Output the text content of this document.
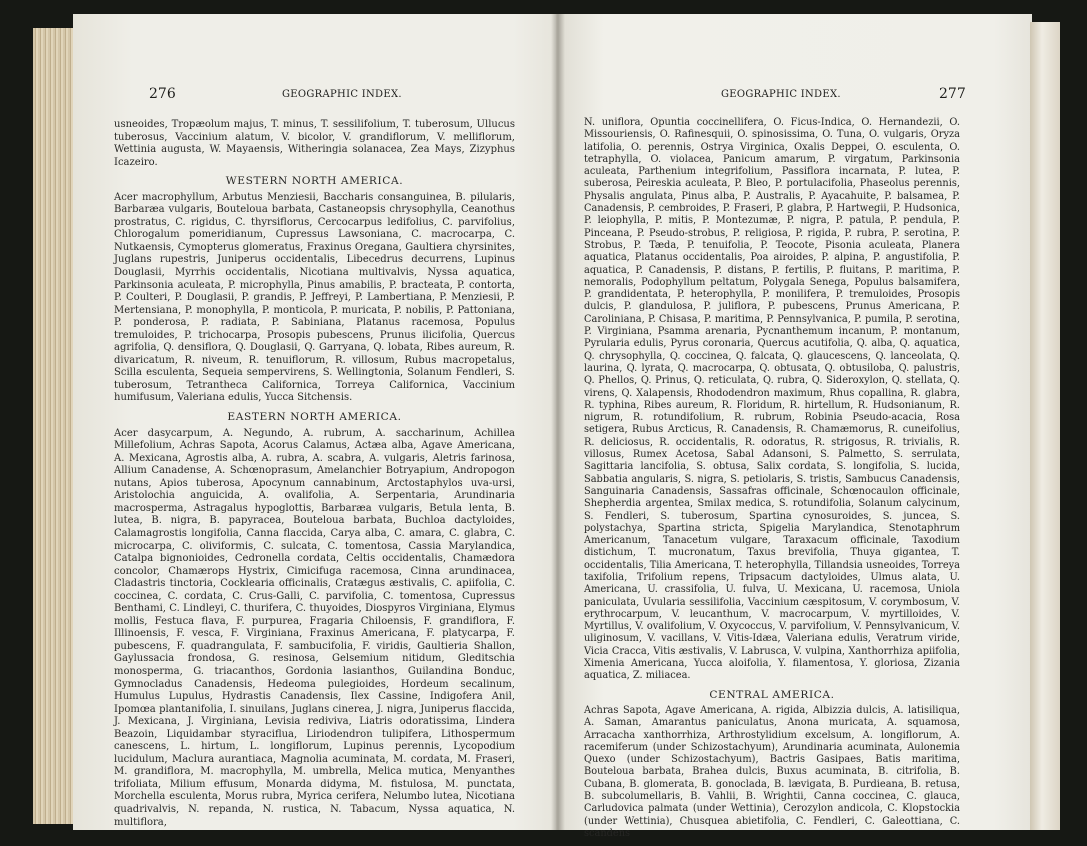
276	GEOGRAPHIC INDEX.	GEOGRAPHIC INDEX.	277

usneoides, Tropæolum majus, T. minus, T. sessilifolium, T. tuberosum, Ullucus tuberosus, Vaccinium alatum, V. bicolor, V. grandiflorum, V. melliflorum, Wettinia augusta, W. Mayaensis, Witheringia solanacea, Zea Mays, Zizyphus Icazeiro.

WESTERN NORTH AMERICA.

Acer macrophyllum, Arbutus Menziesii, Baccharis consanguinea, B. pilularis, Barbaræa vulgaris, Bouteloua barbata, Castaneopsis chrysophylla, Ceanothus prostratus, C. rigidus, C. thyrsiflorus, Cercocarpus ledifolius, C. parvifolius, Chlorogalum pomeridianum, Cupressus Lawsoniana, C. macrocarpa, C. Nutkaensis, Cymopterus glomeratus, Fraxinus Oregana, Gaultiera chyrsinites, Juglans rupestris, Juniperus occidentalis, Libecedrus decurrens, Lupinus Douglasii, Myrrhis occidentalis, Nicotiana multivalvis, Nyssa aquatica, Parkinsonia aculeata, P. microphylla, Pinus amabilis, P. bracteata, P. contorta, P. Coulteri, P. Douglasii, P. grandis, P. Jeffreyi, P. Lambertiana, P. Menziesii, P. Mertensiana, P. monophylla, P. monticola, P. muricata, P. nobilis, P. Pattoniana, P. ponderosa, P. radiata, P. Sabiniana, Platanus racemosa, Populus tremuloides, P. trichocarpa, Prosopis pubescens, Prunus ilicifolia, Quercus agrifolia, Q. densiflora, Q. Douglasii, Q. Garryana, Q. lobata, Ribes aureum, R. divaricatum, R. niveum, R. tenuiflorum, R. villosum, Rubus macropetalus, Scilla esculenta, Sequeia sempervirens, S. Wellingtonia, Solanum Fendleri, S. tuberosum, Tetrantheca Californica, Torreya Californica, Vaccinium humifusum, Valeriana edulis, Yucca Sitchensis.

EASTERN NORTH AMERICA.

Acer dasycarpum, A. Negundo, A. rubrum, A. saccharinum, Achillea Millefolium, Achras Sapota, Acorus Calamus, Actæa alba, Agave Americana, A. Mexicana, Agrostis alba, A. rubra, A. scabra, A. vulgaris, Aletris farinosa, Allium Canadense, A. Schœnoprasum, Amelanchier Botryapium, Andropogon nutans, Apios tuberosa, Apocynum cannabinum, Arctostaphylos uva-ursi, Aristolochia anguicida, A. ovalifolia, A. Serpentaria, Arundinaria macrosperma, Astragalus hypoglottis, Barbaræa vulgaris, Betula lenta, B. lutea, B. nigra, B. papyracea, Bouteloua barbata, Buchloa dactyloides, Calamagrostis longifolia, Canna flaccida, Carya alba, C. amara, C. glabra, C. microcarpa, C. oliviformis, C. sulcata, C. tomentosa, Cassia Marylandica, Catalpa bignonioides, Cedronella cordata, Celtis occidentalis, Chamædora concolor, Chamærops Hystrix, Cimicifuga racemosa, Cinna arundinacea, Cladastris tinctoria, Cocklearia officinalis, Cratægus æstivalis, C. apiifolia, C. coccinea, C. cordata, C. Crus-Galli, C. parvifolia, C. tomentosa, Cupressus Benthami, C. Lindleyi, C. thurifera, C. thuyoides, Diospyros Virginiana, Elymus mollis, Festuca flava, F. purpurea, Fragaria Chiloensis, F. grandiflora, F. Illinoensis, F. vesca, F. Virginiana, Fraxinus Americana, F. platycarpa, F. pubescens, F. quadrangulata, F. sambucifolia, F. viridis, Gaultieria Shallon, Gaylussacia frondosa, G. resinosa, Gelsemium nitidum, Gleditschia monosperma, G. triacanthos, Gordonia lasianthos, Guilandina Bonduc, Gymnocladus Canadensis, Hedeoma pulegioides, Hordeum secalinum, Humulus Lupulus, Hydrastis Canadensis, Ilex Cassine, Indigofera Anil, Ipomœa plantanifolia, I. sinuilans, Juglans cinerea, J. nigra, Juniperus flaccida, J. Mexicana, J. Virginiana, Levisia rediviva, Liatris odoratissima, Lindera Beazoin, Liquidambar styraciflua, Liriodendron tulipifera, Lithospermum canescens, L. hirtum, L. longiflorum, Lupinus perennis, Lycopodium lucidulum, Maclura aurantiaca, Magnolia acuminata, M. cordata, M. Fraseri, M. grandiflora, M. macrophylla, M. umbrella, Melica mutica, Menyanthes trifoliata, Milium effusum, Monarda didyma, M. fistulosa, M. punctata, Morchella esculenta, Morus rubra, Myrica cerifera, Nelumbo lutea, Nicotiana quadrivalvis, N. repanda, N. rustica, N. Tabacum, Nyssa aquatica, N. multiflora,

N. uniflora, Opuntia coccinellifera, O. Ficus-Indica, O. Hernandezii, O. Missouriensis, O. Rafinesquii, O. spinosissima, O. Tuna, O. vulgaris, Oryza latifolia, O. perennis, Ostrya Virginica, Oxalis Deppei, O. esculenta, O. tetraphylla, O. violacea, Panicum amarum, P. virgatum, Parkinsonia aculeata, Parthenium integrifolium, Passiflora incarnata, P. lutea, P. suberosa, Peireskia aculeata, P. Bleo, P. portulacifolia, Phaseolus perennis, Physalis angulata, Pinus alba, P. Australis, P. Ayacahuite, P. balsamea, P. Canadensis, P. cembroides, P. Fraseri, P. glabra, P. Hartwegii, P. Hudsonica, P. leiophylla, P. mitis, P. Montezumæ, P. nigra, P. patula, P. pendula, P. Pinceana, P. Pseudo-strobus, P. religiosa, P. rigida, P. rubra, P. serotina, P. Strobus, P. Tæda, P. tenuifolia, P. Teocote, Pisonia aculeata, Planera aquatica, Platanus occidentalis, Poa airoides, P. alpina, P. angustifolia, P. aquatica, P. Canadensis, P. distans, P. fertilis, P. fluitans, P. maritima, P. nemoralis, Podophyllum peltatum, Polygala Senega, Populus balsamifera, P. grandidentata, P. heterophylla, P. monilifera, P. tremuloides, Prosopis dulcis, P. glandulosa, P. juliflora, P. pubescens, Prunus Americana, P. Caroliniana, P. Chisasa, P. maritima, P. Pennsylvanica, P. pumila, P. serotina, P. Virginiana, Psamma arenaria, Pycnanthemum incanum, P. montanum, Pyrularia edulis, Pyrus coronaria, Quercus acutifolia, Q. alba, Q. aquatica, Q. chrysophylla, Q. coccinea, Q. falcata, Q. glaucescens, Q. lanceolata, Q. laurina, Q. lyrata, Q. macrocarpa, Q. obtusata, Q. obtusiloba, Q. palustris, Q. Phellos, Q. Prinus, Q. reticulata, Q. rubra, Q. Sideroxylon, Q. stellata, Q. virens, Q. Xalapensis, Rhododendron maximum, Rhus copallina, R. glabra, R. typhina, Ribes aureum, R. Floridum, R. hirtellum, R. Hudsonianum, R. nigrum, R. rotundifolium, R. rubrum, Robinia Pseudo-acacia, Rosa setigera, Rubus Arcticus, R. Canadensis, R. Chamæmorus, R. cuneifolius, R. deliciosus, R. occidentalis, R. odoratus, R. strigosus, R. trivialis, R. villosus, Rumex Acetosa, Sabal Adansoni, S. Palmetto, S. serrulata, Sagittaria lancifolia, S. obtusa, Salix cordata, S. longifolia, S. lucida, Sabbatia angularis, S. nigra, S. petiolaris, S. tristis, Sambucus Canadensis, Sanguinaria Canadensis, Sassafras officinale, Schœnocaulon officinale, Shepherdia argentea, Smilax medica, S. rotundifolia, Solanum calycinum, S. Fendleri, S. tuberosum, Spartina cynosuroides, S. juncea, S. polystachya, Spartina stricta, Spigelia Marylandica, Stenotaphrum Americanum, Tanacetum vulgare, Taraxacum officinale, Taxodium distichum, T. mucronatum, Taxus brevifolia, Thuya gigantea, T. occidentalis, Tilia Americana, T. heterophylla, Tillandsia usneoides, Torreya taxifolia, Trifolium repens, Tripsacum dactyloides, Ulmus alata, U. Americana, U. crassifolia, U. fulva, U. Mexicana, U. racemosa, Uniola paniculata, Uvularia sessilifolia, Vaccinium cæspitosum, V. corymbosum, V. erythrocarpum, V. leucanthum, V. macrocarpum, V. myrtilloides, V. Myrtillus, V. ovalifolium, V. Oxycoccus, V. parvifolium, V. Pennsylvanicum, V. uliginosum, V. vacillans, V. Vitis-Idæa, Valeriana edulis, Veratrum viride, Vicia Cracca, Vitis æstivalis, V. Labrusca, V. vulpina, Xanthorrhiza apiifolia, Ximenia Americana, Yucca aloifolia, Y. filamentosa, Y. gloriosa, Zizania aquatica, Z. miliacea.

CENTRAL AMERICA.

Achras Sapota, Agave Americana, A. rigida, Albizzia dulcis, A. latisiliqua, A. Saman, Amarantus paniculatus, Anona muricata, A. squamosa, Arracacha xanthorrhiza, Arthrostylidium excelsum, A. longiflorum, A. racemiferum (under Schizostachyum), Arundinaria acuminata, Aulonemia Quexo (under Schizostachyum), Bactris Gasipaes, Batis maritima, Bouteloua barbata, Brahea dulcis, Buxus acuminata, B. citrifolia, B. Cubana, B. glomerata, B. gonoclada, B. lævigata, B. Purdieana, B. retusa, B. subcolumellaris, B. Vahlii, B. Wrightii, Canna coccinea, C. glauca, Carludovica palmata (under Wettinia), Cerozylon andicola, C. Klopstockia (under Wettinia), Chusquea abietifolia, C. Fendleri, C. Galeottiana, C. scandens
